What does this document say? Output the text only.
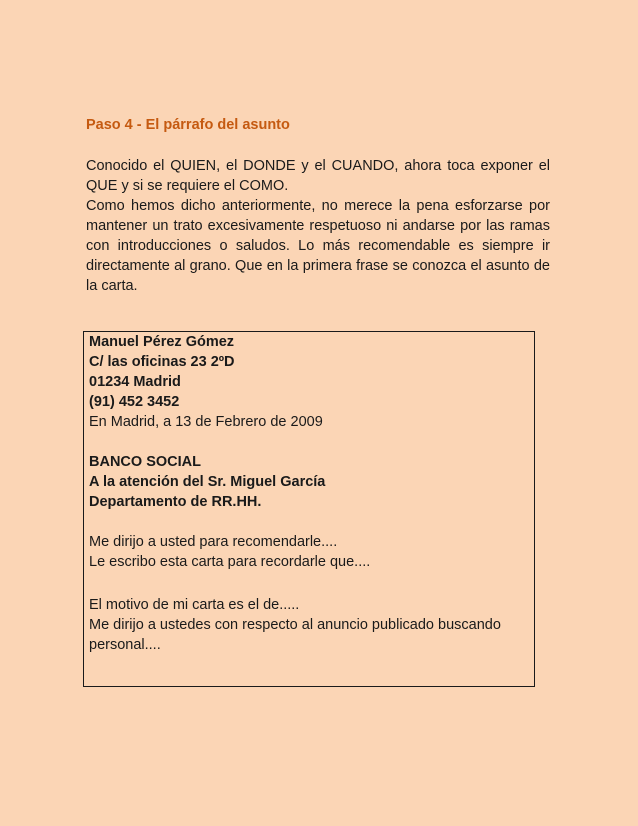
Paso 4 - El párrafo del asunto

Conocido el QUIEN, el DONDE y el CUANDO, ahora toca exponer el QUE y si se requiere el COMO.

Como hemos dicho anteriormente, no merece la pena esforzarse por mantener un trato excesivamente respetuoso ni andarse por las ramas con introducciones o saludos. Lo más recomendable es siempre ir directamente al grano. Que en la primera frase se conozca el asunto de la carta.

Manuel Pérez Gómez
C/ las oficinas 23 2ºD
01234 Madrid
(91) 452 3452
En Madrid, a 13 de Febrero de 2009
BANCO SOCIAL
A la atención del Sr. Miguel García
Departamento de RR.HH.
Me dirijo a usted para recomendarle....
Le escribo esta carta para recordarle que....
El motivo de mi carta es el de.....
Me dirijo a ustedes con respecto al anuncio publicado buscando personal....
